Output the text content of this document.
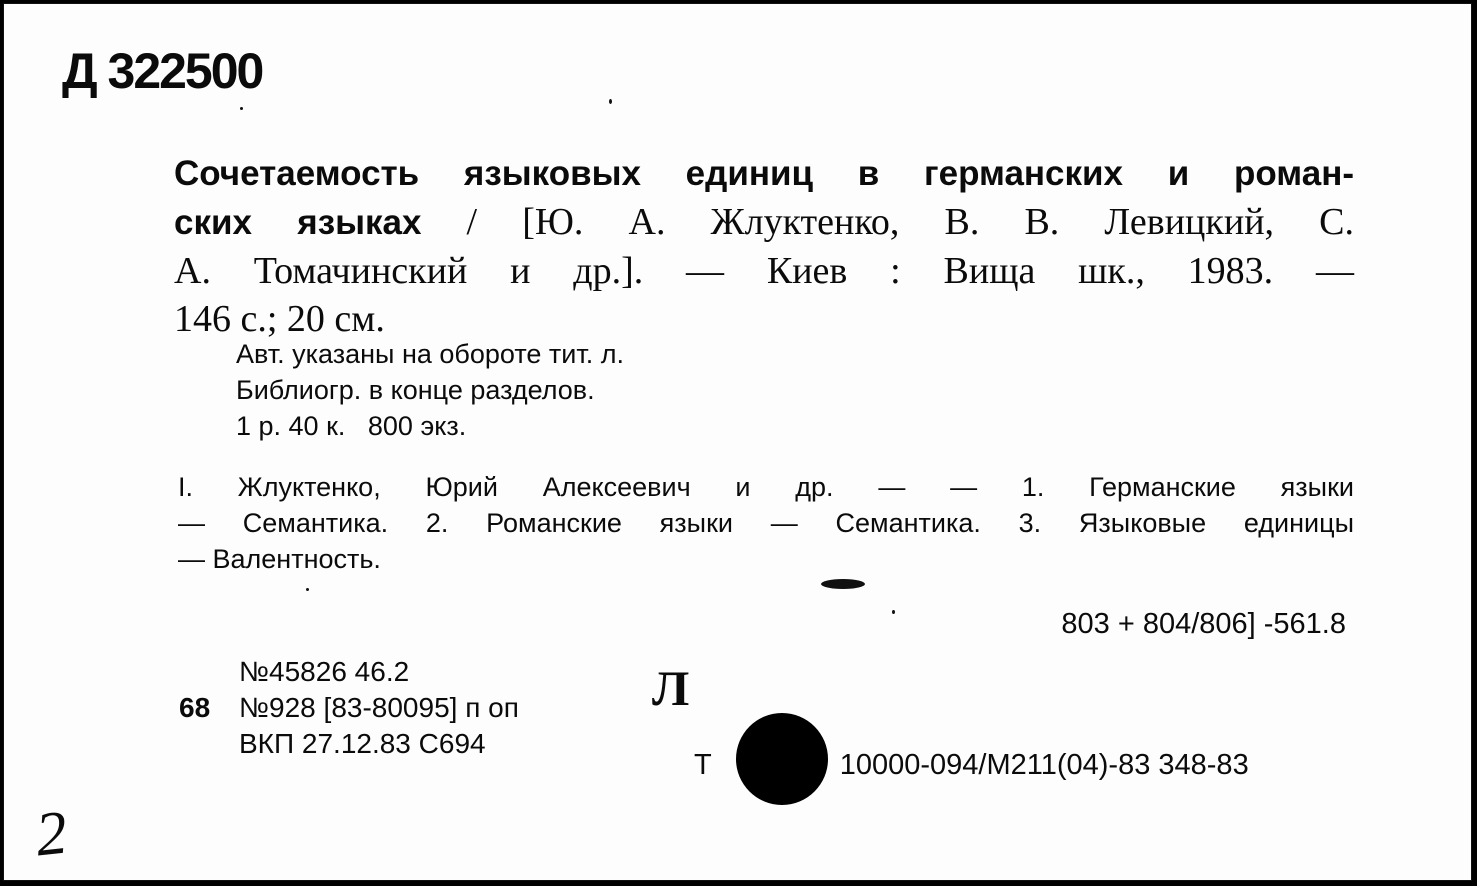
Д 322500
Сочетаемость языковых единиц в германских и роман-
ских языках / [Ю. А. Жлуктенко, В. В. Левицкий, С.
А. Томачинский и др.]. — Киев : Вища шк., 1983. —
146 с.; 20 см.
Авт. указаны на обороте тит. л.
Библиогр. в конце разделов.
1 р. 40 к.   800 экз.
I. Жлуктенко, Юрий Алексеевич и др. — — 1. Германские языки
— Семантика. 2. Романские языки — Семантика. 3. Языковые единицы
— Валентность.
803 + 804/806] -561.8
№45826 46.2
68 №928 [83-80095] п оп
ВКП 27.12.83 С694
Л
Т	10000-094/М211(04)-83 348-83
2
